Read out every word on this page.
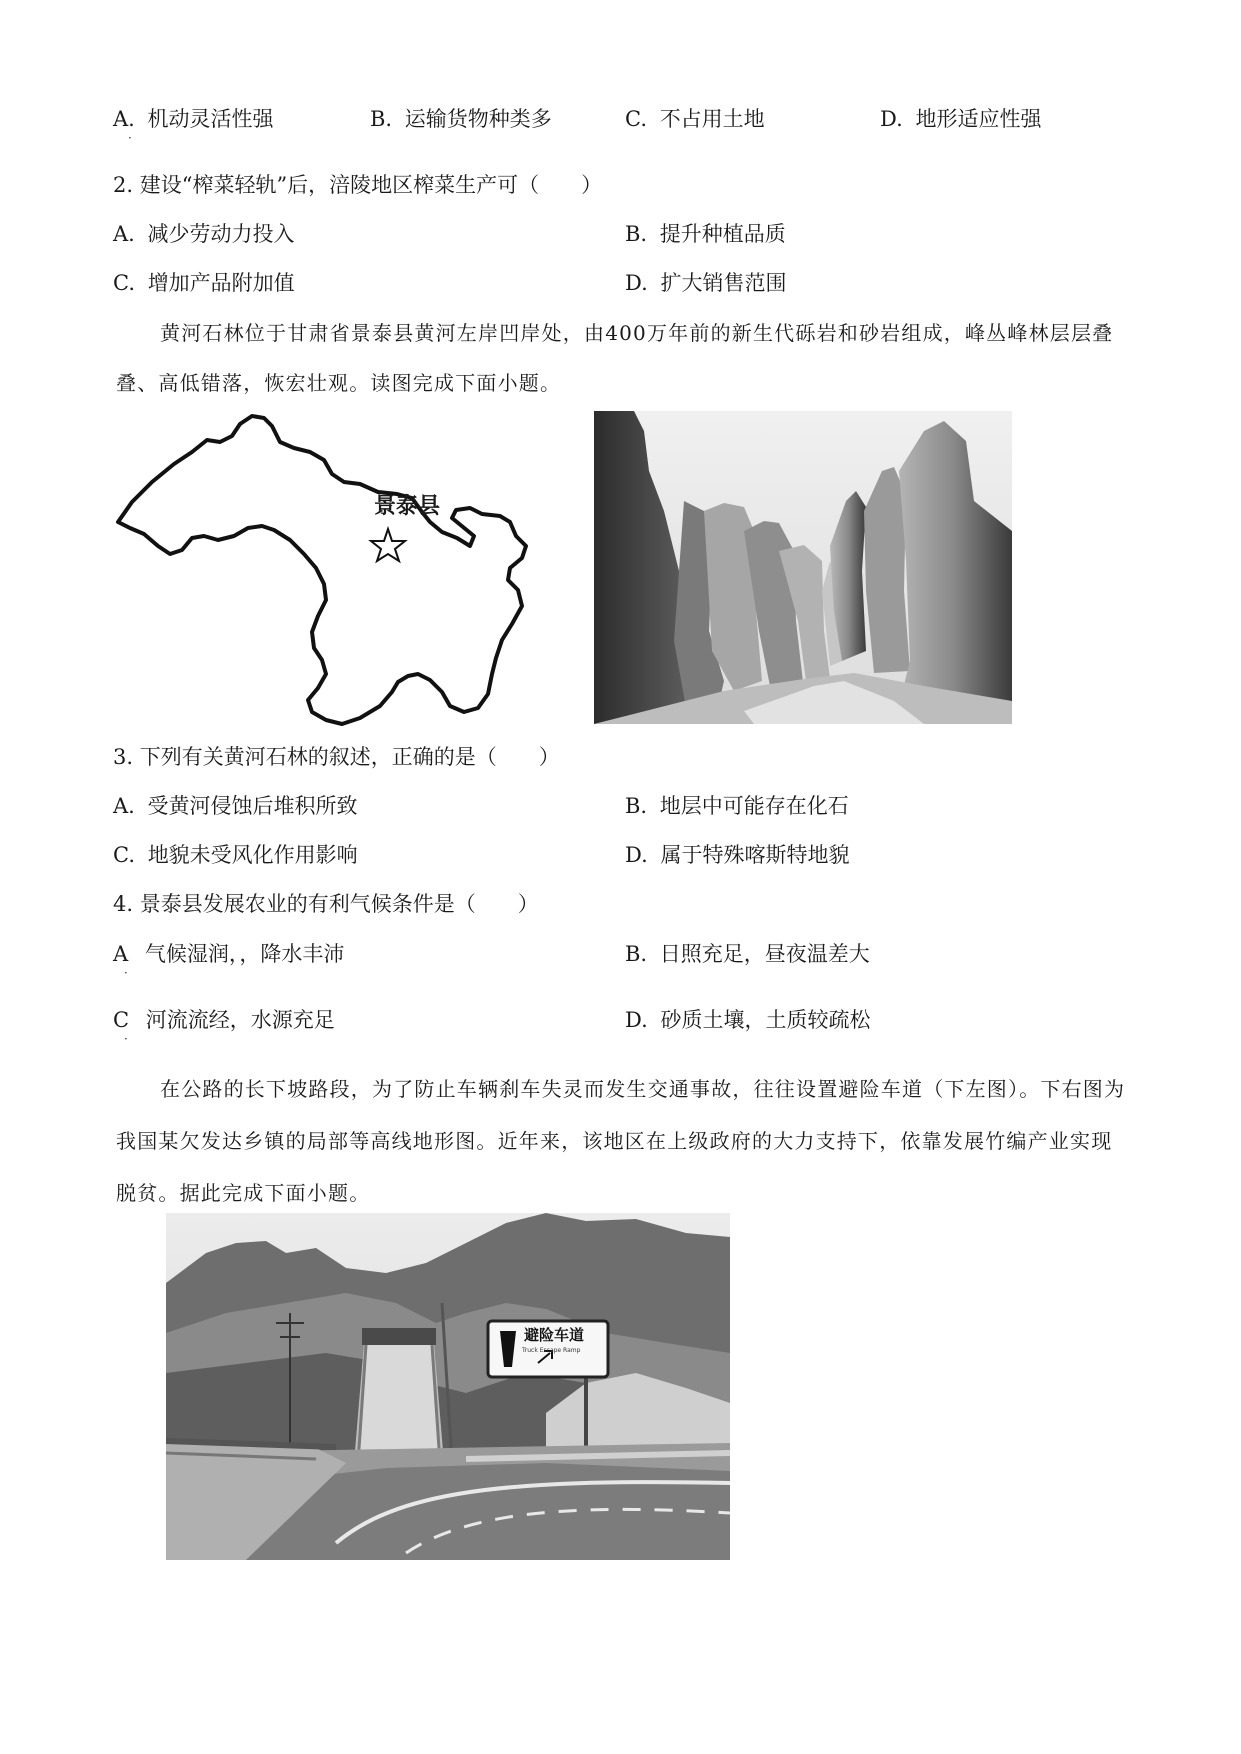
A. 机动灵活性强
·
B. 运输货物种类多	C. 不占用土地	D. 地形适应性强
2. 建设“榨菜轻轨”后，涪陵地区榨菜生产可（　　）
A. 减少劳动力投入	B. 提升种植品质
C. 增加产品附加值	D. 扩大销售范围
黄河石林位于甘肃省景泰县黄河左岸凹岸处，由400万年前的新生代砾岩和砂岩组成，峰丛峰林层层叠叠、高低错落，恢宏壮观。读图完成下面小题。
景泰县
3. 下列有关黄河石林的叙述，正确的是（　　）
A. 受黄河侵蚀后堆积所致	B. 地层中可能存在化石
C. 地貌未受风化作用影响	D. 属于特殊喀斯特地貌
4. 景泰县发展农业的有利气候条件是（　　）
A 气候湿润，，降水丰沛
·
B. 日照充足，昼夜温差大
C 河流流经，水源充足
·
D. 砂质土壤，土质较疏松
在公路的长下坡路段，为了防止车辆刹车失灵而发生交通事故，往往设置避险车道（下左图）。下右图为我国某欠发达乡镇的局部等高线地形图。近年来，该地区在上级政府的大力支持下，依靠发展竹编产业实现脱贫。据此完成下面小题。
避险车道
Truck Escape Ramp
